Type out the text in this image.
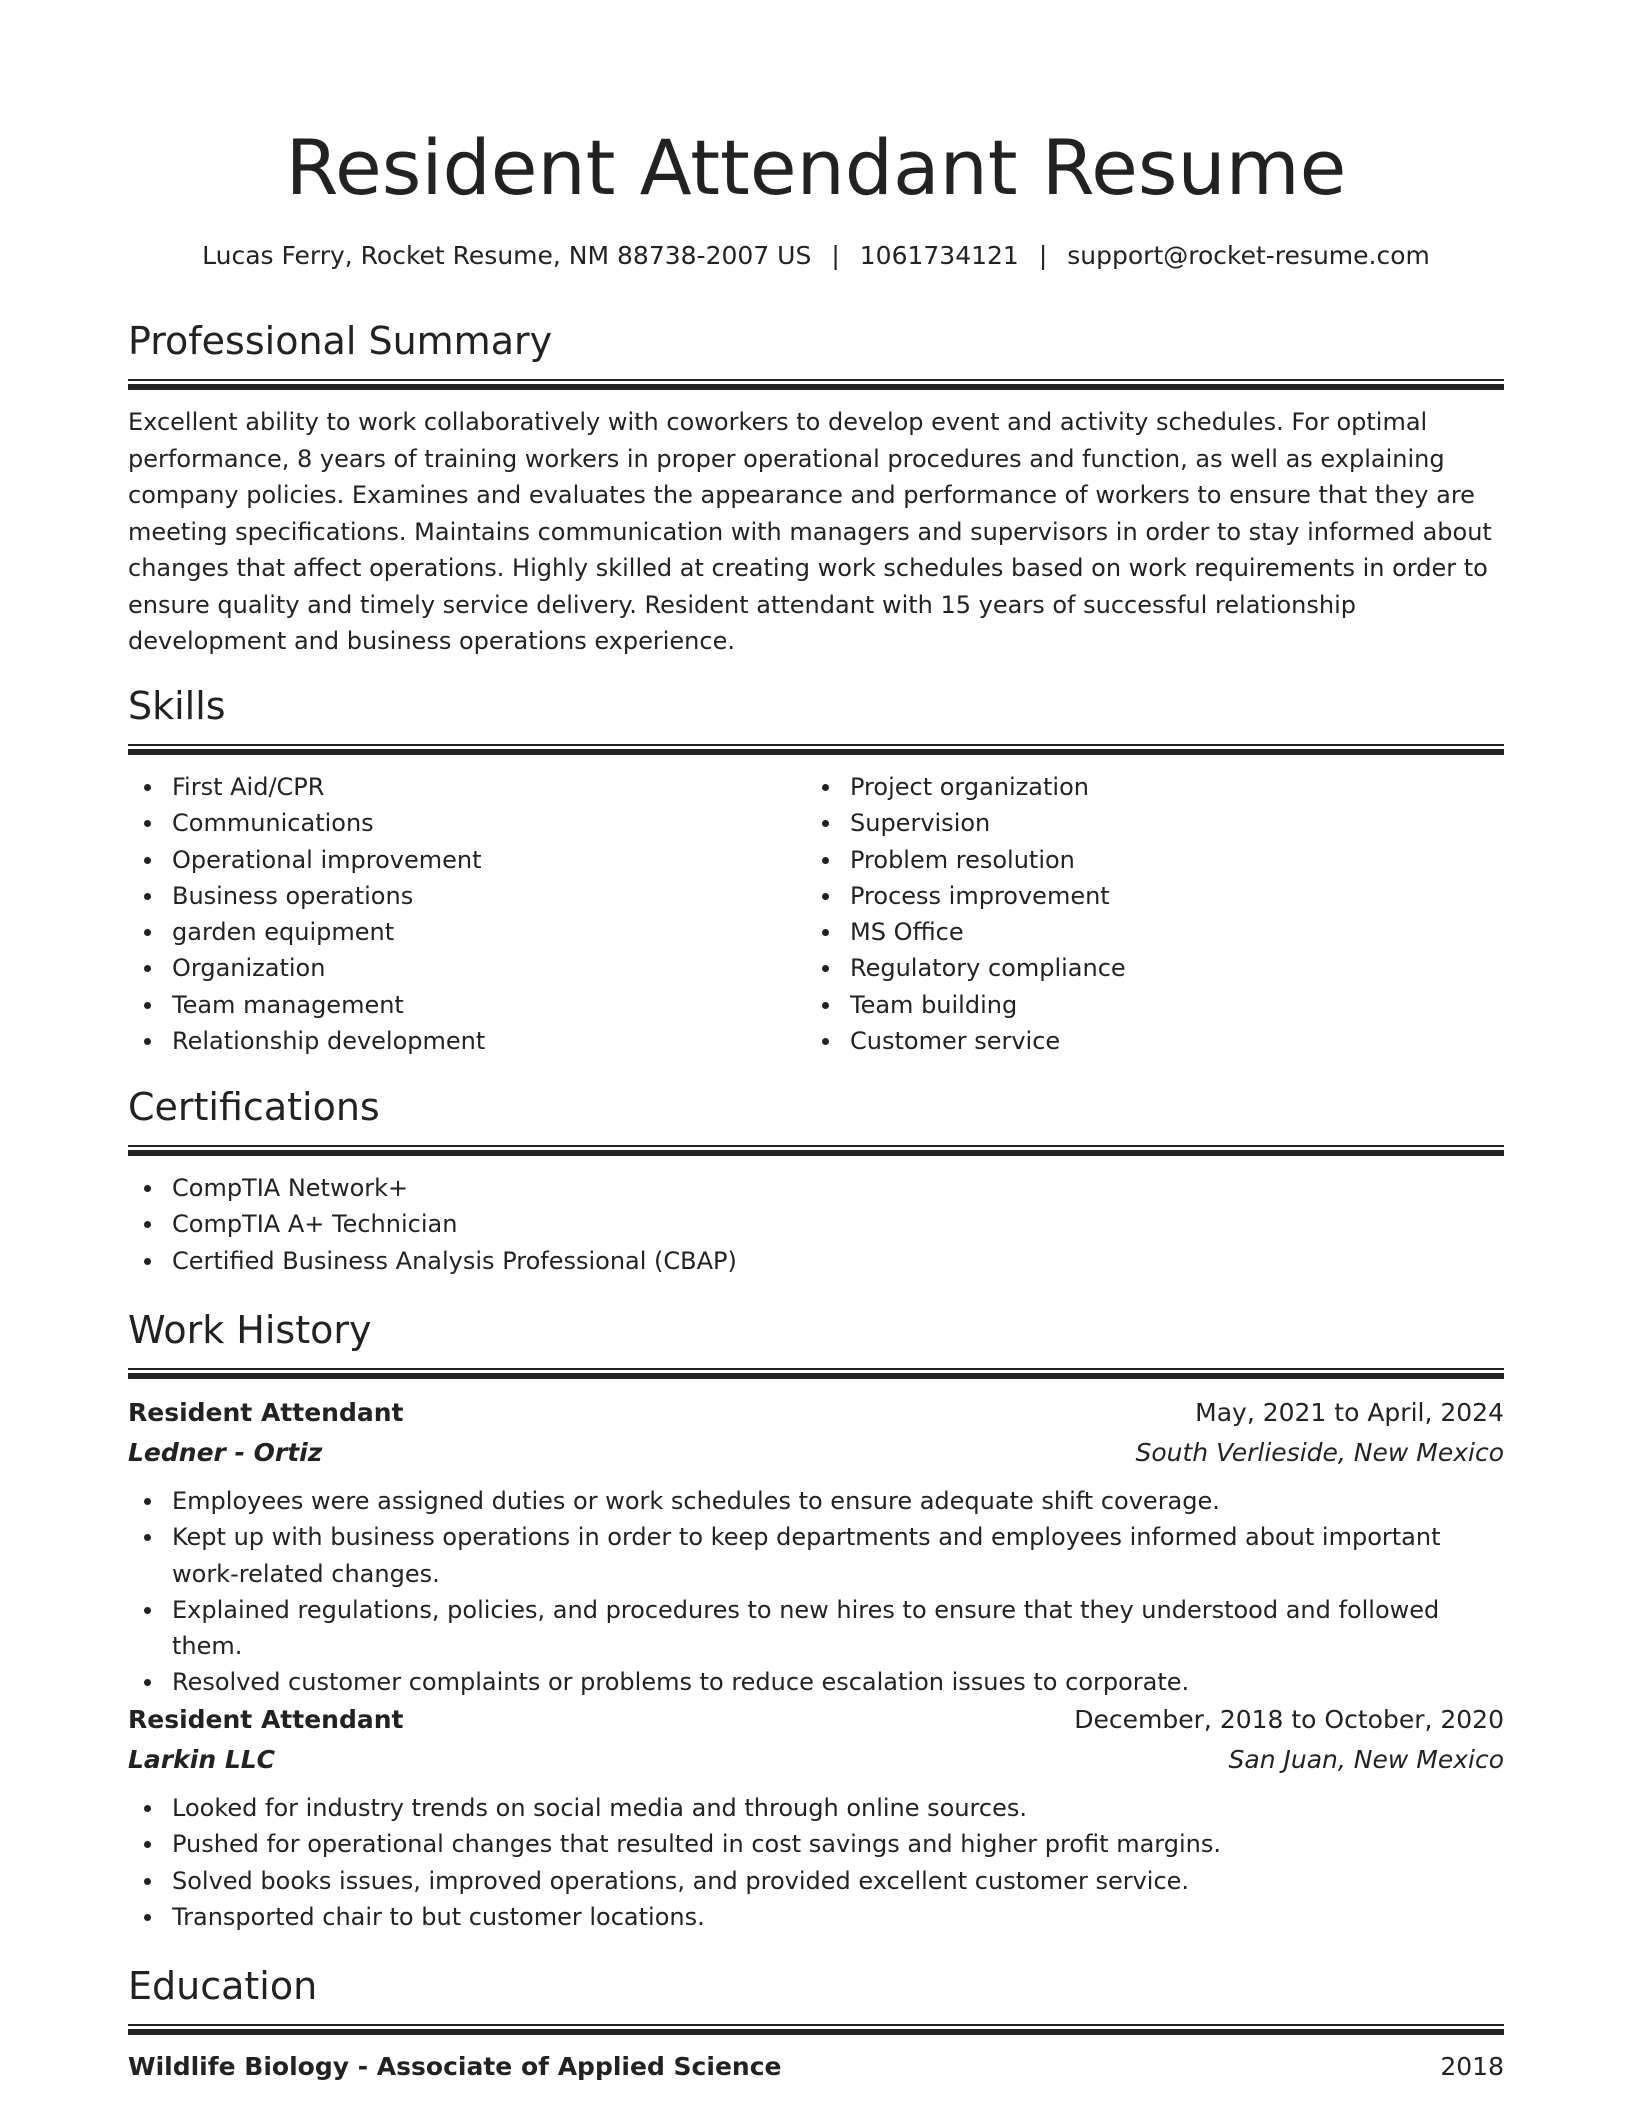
Resident Attendant Resume
Lucas Ferry, Rocket Resume, NM 88738-2007 US | 1061734121 | support@rocket-resume.com
Professional Summary

Excellent ability to work collaboratively with coworkers to develop event and activity schedules. For optimal performance, 8 years of training workers in proper operational procedures and function, as well as explaining company policies. Examines and evaluates the appearance and performance of workers to ensure that they are meeting specifications. Maintains communication with managers and supervisors in order to stay informed about changes that affect operations. Highly skilled at creating work schedules based on work requirements in order to ensure quality and timely service delivery. Resident attendant with 15 years of successful relationship development and business operations experience.

Skills
First Aid/CPR
Communications
Operational improvement
Business operations
garden equipment
Organization
Team management
Relationship development
Project organization
Supervision
Problem resolution
Process improvement
MS Office
Regulatory compliance
Team building
Customer service
Certifications
CompTIA Network+
CompTIA A+ Technician
Certified Business Analysis Professional (CBAP)
Work History
Resident Attendant	May, 2021 to April, 2024
Ledner - Ortiz	South Verlieside, New Mexico
Employees were assigned duties or work schedules to ensure adequate shift coverage.
Kept up with business operations in order to keep departments and employees informed about important work-related changes.
Explained regulations, policies, and procedures to new hires to ensure that they understood and followed them.
Resolved customer complaints or problems to reduce escalation issues to corporate.
Resident Attendant	December, 2018 to October, 2020
Larkin LLC	San Juan, New Mexico
Looked for industry trends on social media and through online sources.
Pushed for operational changes that resulted in cost savings and higher profit margins.
Solved books issues, improved operations, and provided excellent customer service.
Transported chair to but customer locations.
Education
Wildlife Biology - Associate of Applied Science	2018
